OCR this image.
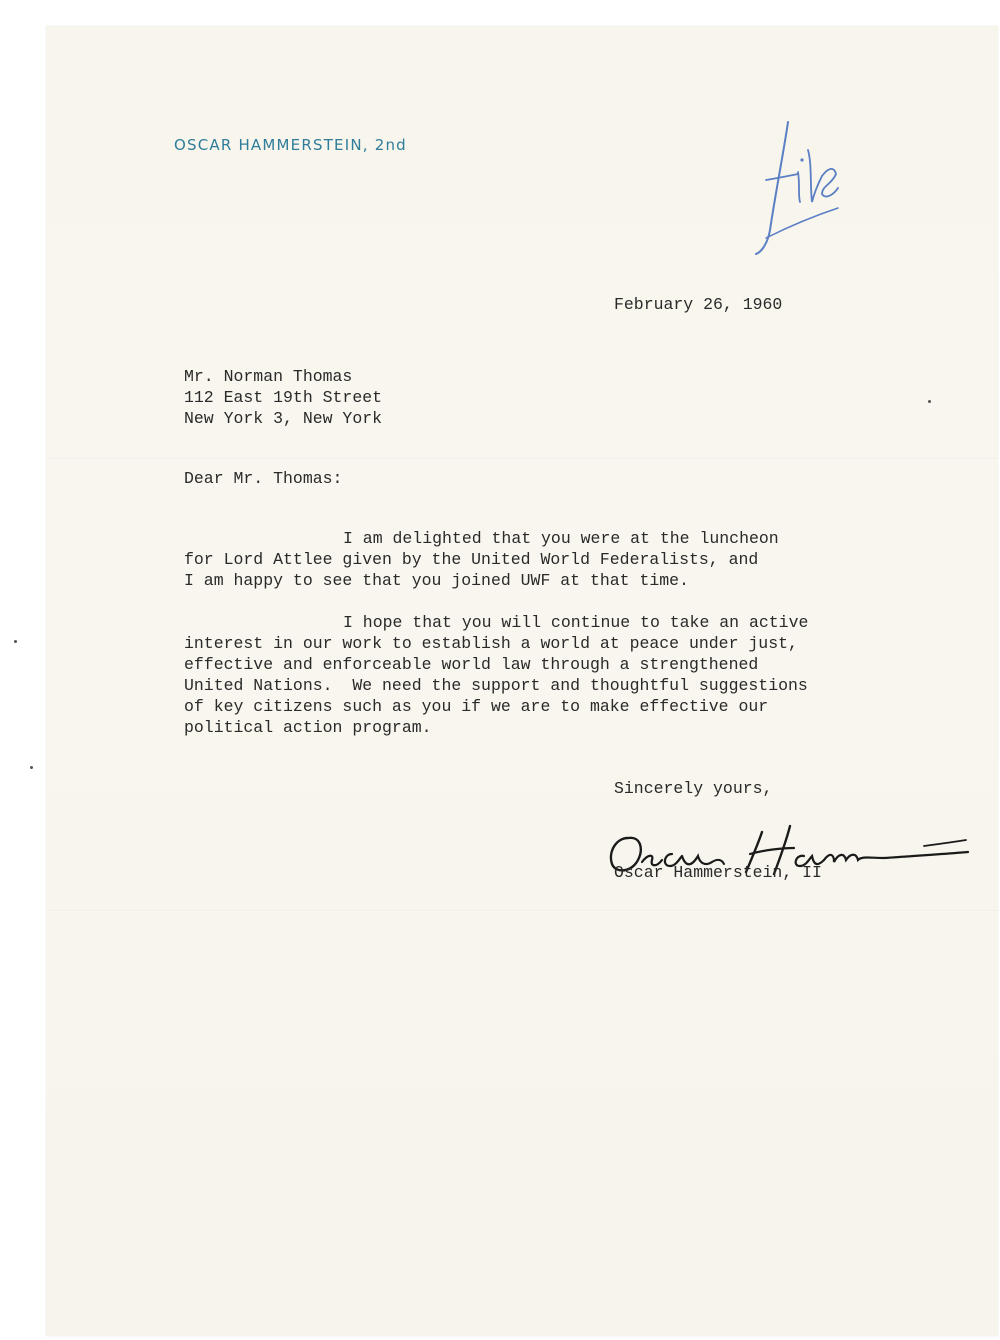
OSCAR HAMMERSTEIN, 2nd
February 26, 1960
Mr. Norman Thomas
112 East 19th Street
New York 3, New York
Dear Mr. Thomas:
I am delighted that you were at the luncheon
for Lord Attlee given by the United World Federalists, and
I am happy to see that you joined UWF at that time.
I hope that you will continue to take an active
interest in our work to establish a world at peace under just,
effective and enforceable world law through a strengthened
United Nations.  We need the support and thoughtful suggestions
of key citizens such as you if we are to make effective our
political action program.
Sincerely yours,
Oscar Hammerstein, II
